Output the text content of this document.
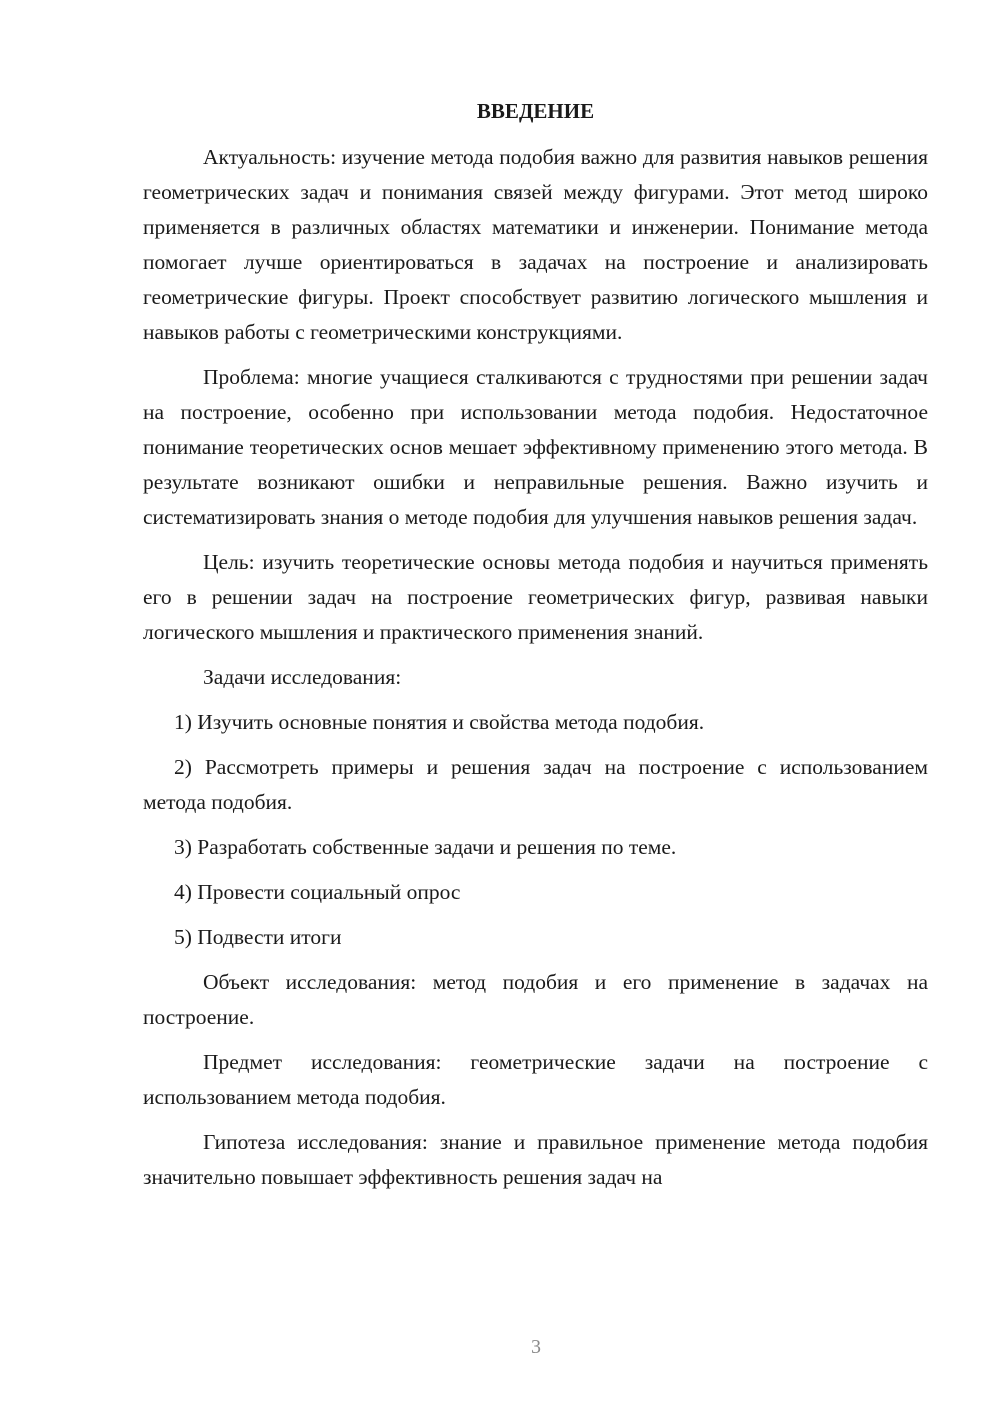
ВВЕДЕНИЕ

Актуальность: изучение метода подобия важно для развития навыков решения геометрических задач и понимания связей между фигурами. Этот метод широко применяется в различных областях математики и инженерии. Понимание метода помогает лучше ориентироваться в задачах на построение и анализировать геометрические фигуры. Проект способствует развитию логического мышления и навыков работы с геометрическими конструкциями.

Проблема: многие учащиеся сталкиваются с трудностями при решении задач на построение, особенно при использовании метода подобия. Недостаточное понимание теоретических основ мешает эффективному применению этого метода. В результате возникают ошибки и неправильные решения. Важно изучить и систематизировать знания о методе подобия для улучшения навыков решения задач.

Цель: изучить теоретические основы метода подобия и научиться применять его в решении задач на построение геометрических фигур, развивая навыки логического мышления и практического применения знаний.

Задачи исследования:

1) Изучить основные понятия и свойства метода подобия.

2) Рассмотреть примеры и решения задач на построение с использованием метода подобия.

3) Разработать собственные задачи и решения по теме.

4) Провести социальный опрос

5) Подвести итоги

Объект исследования: метод подобия и его применение в задачах на построение.

Предмет исследования: геометрические задачи на построение с использованием метода подобия.

Гипотеза исследования: знание и правильное применение метода подобия значительно повышает эффективность решения задач на

3
